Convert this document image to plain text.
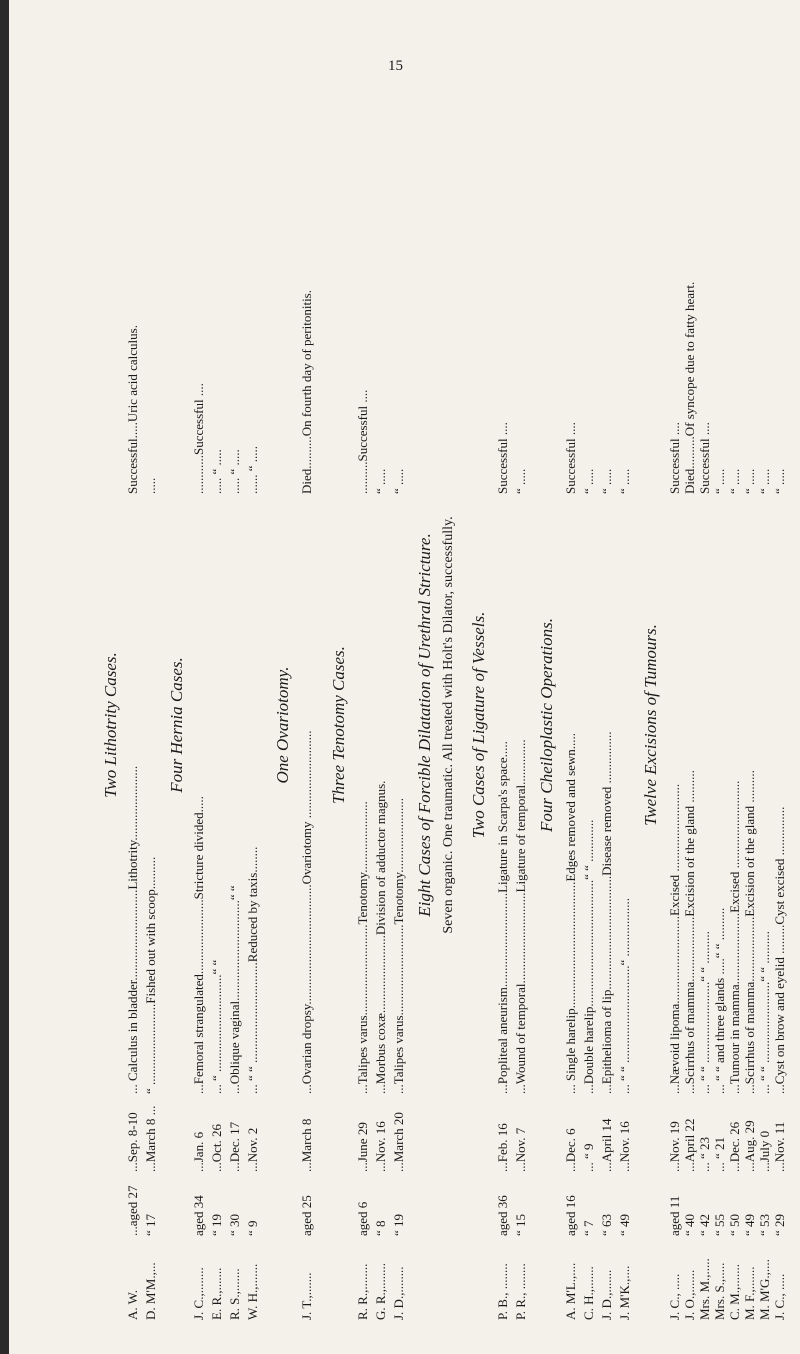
15
Two Lithotrity Cases.
A. W.
...aged 27
...Sep. 8-10
... Calculus in bladder............................Lithotrity.......................
Successful.....Uric acid calculus.
D. M'M.,...
“ 17
...March 8 ...
“ .........................Fished out with scoop..........
.....
Four Hernia Cases.
J. C.,........
aged 34
...Jan. 6
...Femoral strangulated.......................Stricture divided.....
............Successful ....
E. R.,.......
“ 19
...Oct. 26
... “ ..............................“ “
..... “ .....
R. S.,.......
“ 30
...Dec. 17
...Oblique vaginal...............................“ “
..... “ .....
W. H.,.......
“ 9
...Nov. 2
... “ “ ...............................Reduced by taxis........
...... “ .....
One Ovariotomy.
J. T.,.......
aged 25
...March 8
...Ovarian dropsy.....................................Ovariotomy ...........................
Died..........On fourth day of peritonitis.
Three Tenotomy Cases.
R. R.,........
aged 6
...June 29
...Talipes varus............................Tenotomy......................
..........Successful ....
G. R.,........
“ 8
...Nov. 16
...Morbus coxæ........................Division of adductor magnus.
“ .....
J. D.,........
“ 19
...March 20
...Talipes varus............................Tenotomy.......................
“ .....
Eight Cases of Forcible Dilatation of Urethral Stricture. Seven organic. One traumatic. All treated with Holt's Dilator, successfully. Two Cases of Ligature of Vessels.
P. B., ........
aged 36
...Feb. 16
...Popliteal aneurism.............................Ligature in Scarpa's space.....
Successful ....
P. R., ........
“ 15
...Nov. 7
...Wound of temporal............................Ligature of temporal..............
“ .....
Four Cheiloplastic Operations.
A. M'L.,....
aged 16
...Dec. 6
... Single harelip.......................................Edges removed and sewn.....
Successful ....
C. H.,.......
“ 7
... “ 9
...Double harelip.......................................“ “ .............
“ .....
J. D.,.......
“ 63
...April 14
...Epithelioma of lip...................................Disease removed ................
“ .....
J. M'K.,....
“ 49
...Nov. 16
... “ “ ..............................“ ..................
“ .....
Twelve Excisions of Tumours.
J. C., .....
aged 11
...Nov. 19
...Nævoid lipoma...........................Excised ...........................
Successful ....
J. O.,.......
“ 40
...April 22
...Scirrhus of mamma....................Excision of the gland ..........
Died..........Of syncope due to fatty heart.
Mrs. M.,.....
“ 42
... “ 23
... “ “ .........................“ “ ..........
Successful ....
Mrs. S.,.....
“ 55
... “ 21
... “ “ and three glands .....“ “ ..........
“ .....
C. M.,.......
“ 50
...Dec. 26
...Tumour in mamma......................Excised ...........................
“ .....
M. F.,.......
“ 49
...Aug. 29
...Scirrhus of mamma....................Excision of the gland ..........
“ .....
M. M'G.,....
“ 53
...July 0
... “ “ .........................“ “ ..........
“ .....
J. C., .....
“ 29
...Nov. 11
...Cyst on brow and eyelid .........Cyst excised ...............
“ .....
